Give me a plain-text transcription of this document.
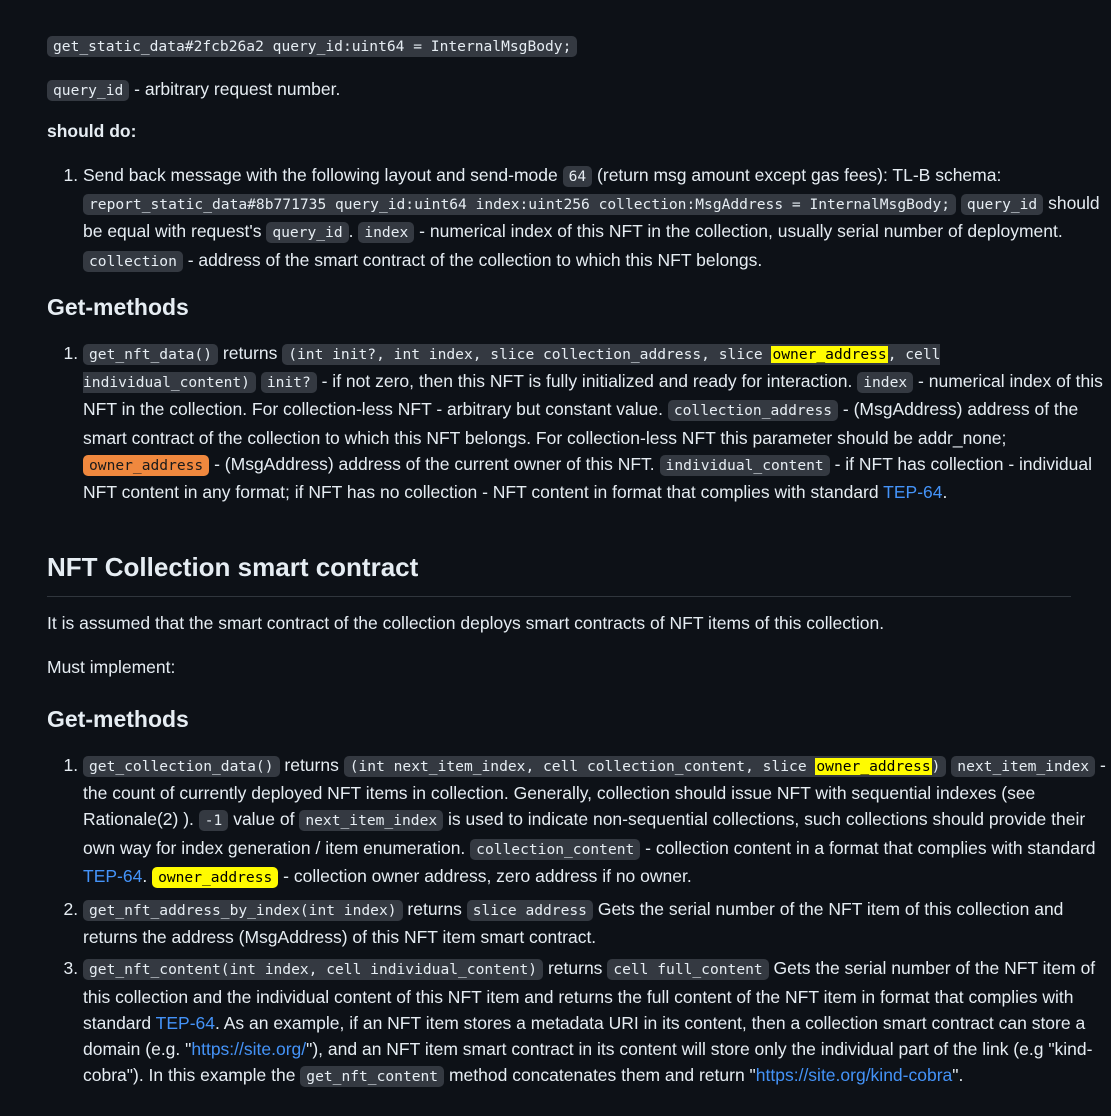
get_static_data#2fcb26a2 query_id:uint64 = InternalMsgBody;

query_id - arbitrary request number.

should do:

1. Send back message with the following layout and send-mode 64 (return msg amount except gas fees): TL-B schema: report_static_data#8b771735 query_id:uint64 index:uint256 collection:MsgAddress = InternalMsgBody; query_id should be equal with request's query_id . index - numerical index of this NFT in the collection, usually serial number of deployment. collection - address of the smart contract of the collection to which this NFT belongs.
Get-methods
1. get_nft_data() returns (int init?, int index, slice collection_address, slice owner_address, cell individual_content) init? - if not zero, then this NFT is fully initialized and ready for interaction. index - numerical index of this NFT in the collection. For collection-less NFT - arbitrary but constant value. collection_address - (MsgAddress) address of the smart contract of the collection to which this NFT belongs. For collection-less NFT this parameter should be addr_none; owner_address - (MsgAddress) address of the current owner of this NFT. individual_content - if NFT has collection - individual NFT content in any format; if NFT has no collection - NFT content in format that complies with standard TEP-64.
NFT Collection smart contract

It is assumed that the smart contract of the collection deploys smart contracts of NFT items of this collection.

Must implement:

Get-methods
1. get_collection_data() returns (int next_item_index, cell collection_content, slice owner_address) next_item_index - the count of currently deployed NFT items in collection. Generally, collection should issue NFT with sequential indexes (see Rationale(2) ). -1 value of next_item_index is used to indicate non-sequential collections, such collections should provide their own way for index generation / item enumeration. collection_content - collection content in a format that complies with standard TEP-64. owner_address - collection owner address, zero address if no owner.
2. get_nft_address_by_index(int index) returns slice address Gets the serial number of the NFT item of this collection and returns the address (MsgAddress) of this NFT item smart contract.
3. get_nft_content(int index, cell individual_content) returns cell full_content Gets the serial number of the NFT item of this collection and the individual content of this NFT item and returns the full content of the NFT item in format that complies with standard TEP-64. As an example, if an NFT item stores a metadata URI in its content, then a collection smart contract can store a domain (e.g. "https://site.org/"), and an NFT item smart contract in its content will store only the individual part of the link (e.g "kind-cobra"). In this example the get_nft_content method concatenates them and return "https://site.org/kind-cobra".
